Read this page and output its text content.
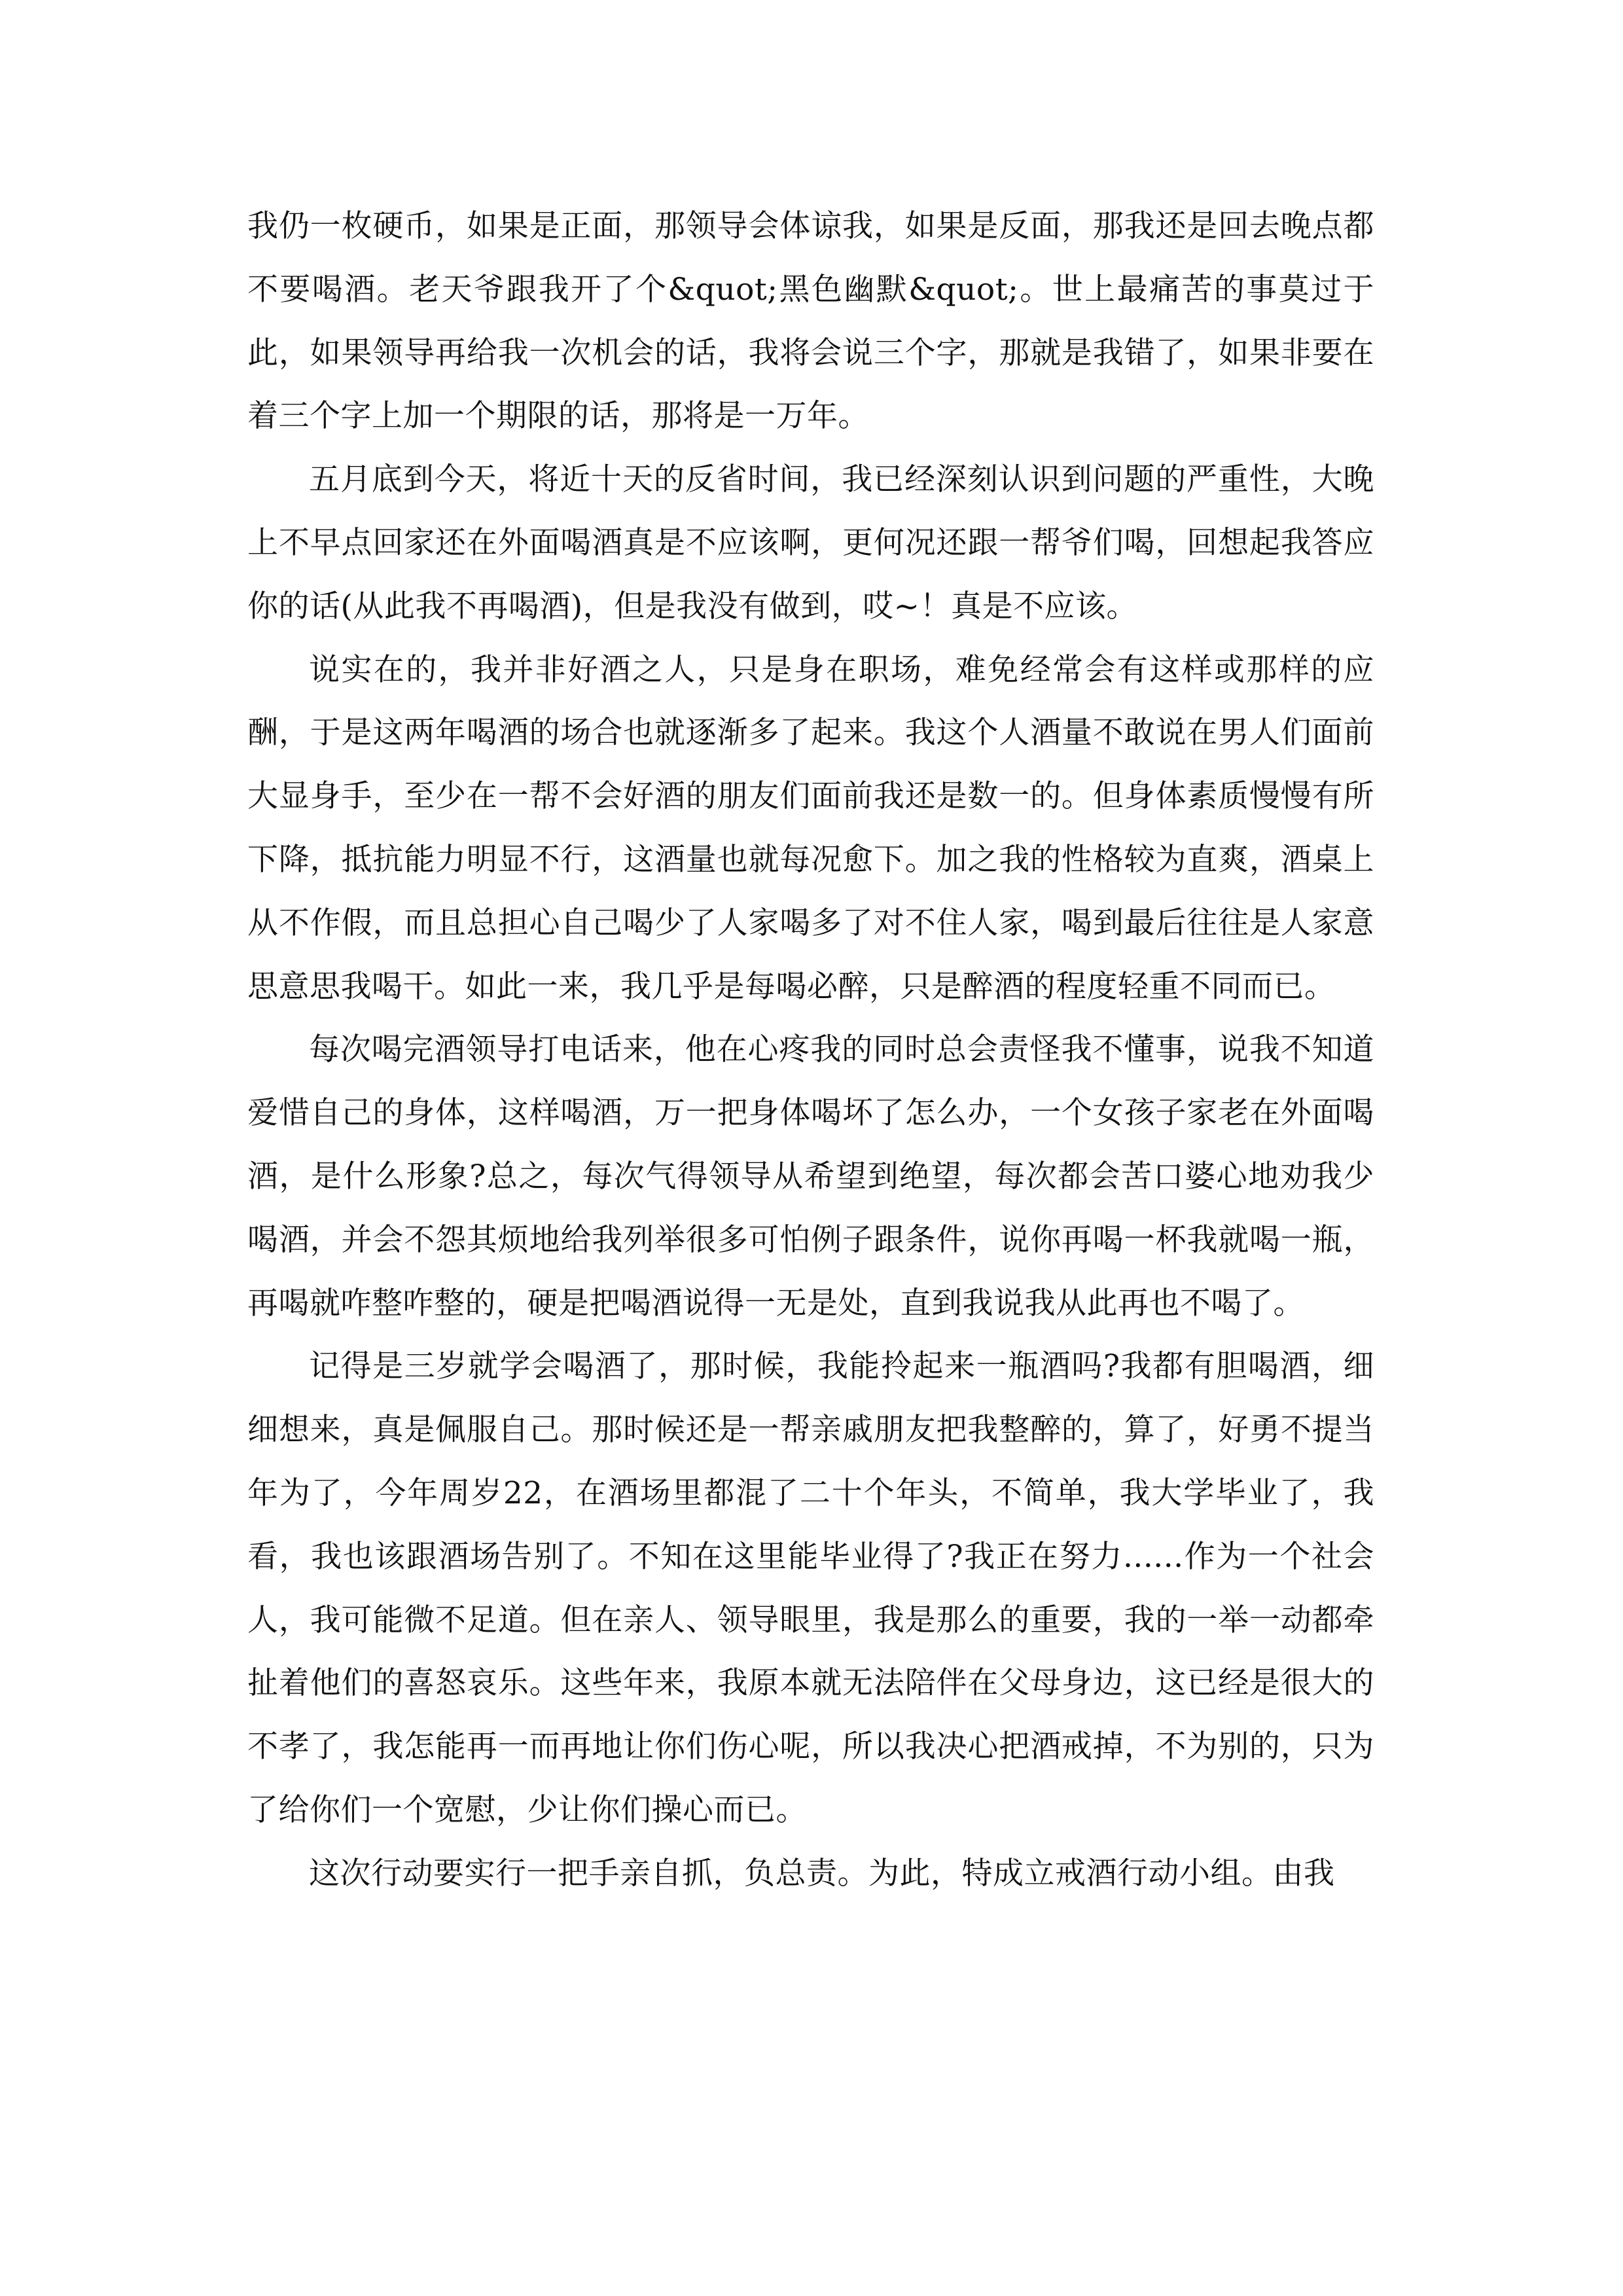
我仍一枚硬币，如果是正面，那领导会体谅我，如果是反面，那我还是回去晚点都不要喝酒。老天爷跟我开了个&quot;黑色幽默&quot;。世上最痛苦的事莫过于此，如果领导再给我一次机会的话，我将会说三个字，那就是我错了，如果非要在着三个字上加一个期限的话，那将是一万年。

五月底到今天，将近十天的反省时间，我已经深刻认识到问题的严重性，大晚上不早点回家还在外面喝酒真是不应该啊，更何况还跟一帮爷们喝，回想起我答应你的话(从此我不再喝酒)，但是我没有做到，哎~！真是不应该。

说实在的，我并非好酒之人，只是身在职场，难免经常会有这样或那样的应酬，于是这两年喝酒的场合也就逐渐多了起来。我这个人酒量不敢说在男人们面前大显身手，至少在一帮不会好酒的朋友们面前我还是数一的。但身体素质慢慢有所下降，抵抗能力明显不行，这酒量也就每况愈下。加之我的性格较为直爽，酒桌上从不作假，而且总担心自己喝少了人家喝多了对不住人家，喝到最后往往是人家意思意思我喝干。如此一来，我几乎是每喝必醉，只是醉酒的程度轻重不同而已。

每次喝完酒领导打电话来，他在心疼我的同时总会责怪我不懂事，说我不知道爱惜自己的身体，这样喝酒，万一把身体喝坏了怎么办，一个女孩子家老在外面喝酒，是什么形象?总之，每次气得领导从希望到绝望，每次都会苦口婆心地劝我少喝酒，并会不怨其烦地给我列举很多可怕例子跟条件，说你再喝一杯我就喝一瓶，再喝就咋整咋整的，硬是把喝酒说得一无是处，直到我说我从此再也不喝了。

记得是三岁就学会喝酒了，那时候，我能拎起来一瓶酒吗?我都有胆喝酒，细细想来，真是佩服自己。那时候还是一帮亲戚朋友把我整醉的，算了，好勇不提当年为了，今年周岁22，在酒场里都混了二十个年头，不简单，我大学毕业了，我看，我也该跟酒场告别了。不知在这里能毕业得了?我正在努力......作为一个社会人，我可能微不足道。但在亲人、领导眼里，我是那么的重要，我的一举一动都牵扯着他们的喜怒哀乐。这些年来，我原本就无法陪伴在父母身边，这已经是很大的不孝了，我怎能再一而再地让你们伤心呢，所以我决心把酒戒掉，不为别的，只为了给你们一个宽慰，少让你们操心而已。

这次行动要实行一把手亲自抓，负总责。为此，特成立戒酒行动小组。由我
